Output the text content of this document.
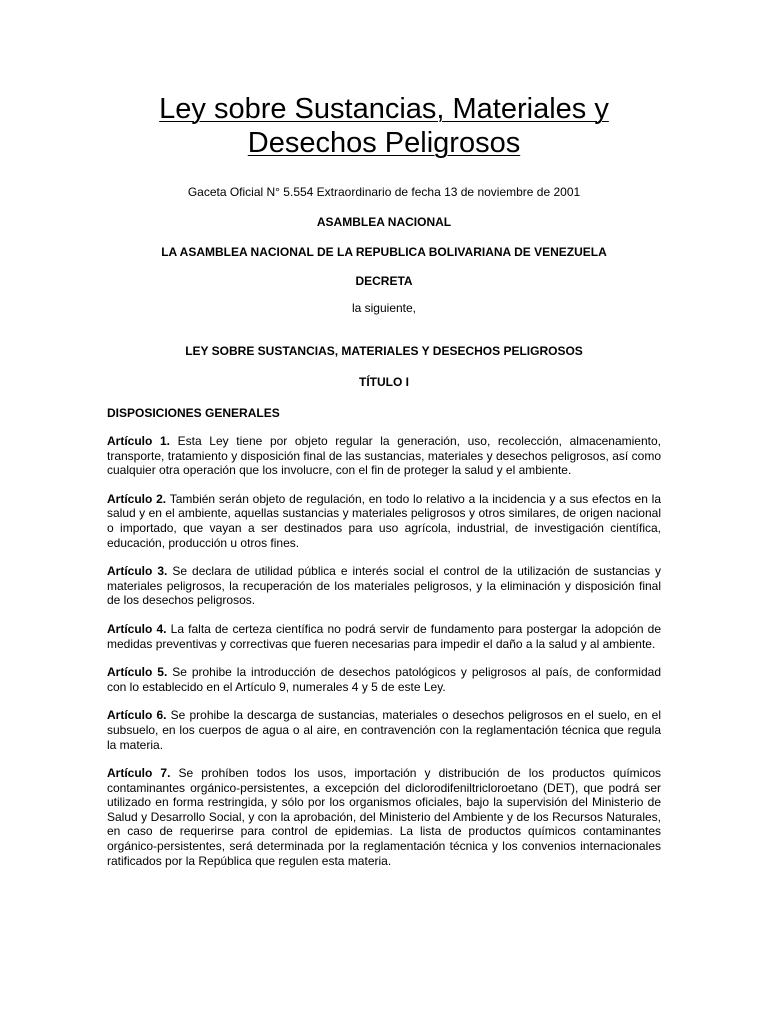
Ley sobre Sustancias, Materiales y
Desechos Peligrosos
Gaceta Oficial N° 5.554 Extraordinario de fecha 13 de noviembre de 2001
ASAMBLEA NACIONAL
LA ASAMBLEA NACIONAL DE LA REPUBLICA BOLIVARIANA DE VENEZUELA
DECRETA
la siguiente,
LEY SOBRE SUSTANCIAS, MATERIALES Y DESECHOS PELIGROSOS
TÍTULO I
DISPOSICIONES GENERALES

Artículo 1. Esta Ley tiene por objeto regular la generación, uso, recolección, almacenamiento, transporte, tratamiento y disposición final de las sustancias, materiales y desechos peligrosos, así como cualquier otra operación que los involucre, con el fin de proteger la salud y el ambiente.

Artículo 2. También serán objeto de regulación, en todo lo relativo a la incidencia y a sus efectos en la salud y en el ambiente, aquellas sustancias y materiales peligrosos y otros similares, de origen nacional o importado, que vayan a ser destinados para uso agrícola, industrial, de investigación científica, educación, producción u otros fines.

Artículo 3. Se declara de utilidad pública e interés social el control de la utilización de sustancias y materiales peligrosos, la recuperación de los materiales peligrosos, y la eliminación y disposición final de los desechos peligrosos.

Artículo 4. La falta de certeza científica no podrá servir de fundamento para postergar la adopción de medidas preventivas y correctivas que fueren necesarias para impedir el daño a la salud y al ambiente.

Artículo 5. Se prohibe la introducción de desechos patológicos y peligrosos al país, de conformidad con lo establecido en el Artículo 9, numerales 4 y 5 de este Ley.

Artículo 6. Se prohibe la descarga de sustancias, materiales o desechos peligrosos en el suelo, en el subsuelo, en los cuerpos de agua o al aire, en contravención con la reglamentación técnica que regula la materia.

Artículo 7. Se prohíben todos los usos, importación y distribución de los productos químicos contaminantes orgánico-persistentes, a excepción del diclorodifeniltricloroetano (DET), que podrá ser utilizado en forma restringida, y sólo por los organismos oficiales, bajo la supervisión del Ministerio de Salud y Desarrollo Social, y con la aprobación, del Ministerio del Ambiente y de los Recursos Naturales, en caso de requerirse para control de epidemias. La lista de productos químicos contaminantes orgánico-persistentes, será determinada por la reglamentación técnica y los convenios internacionales ratificados por la República que regulen esta materia.
